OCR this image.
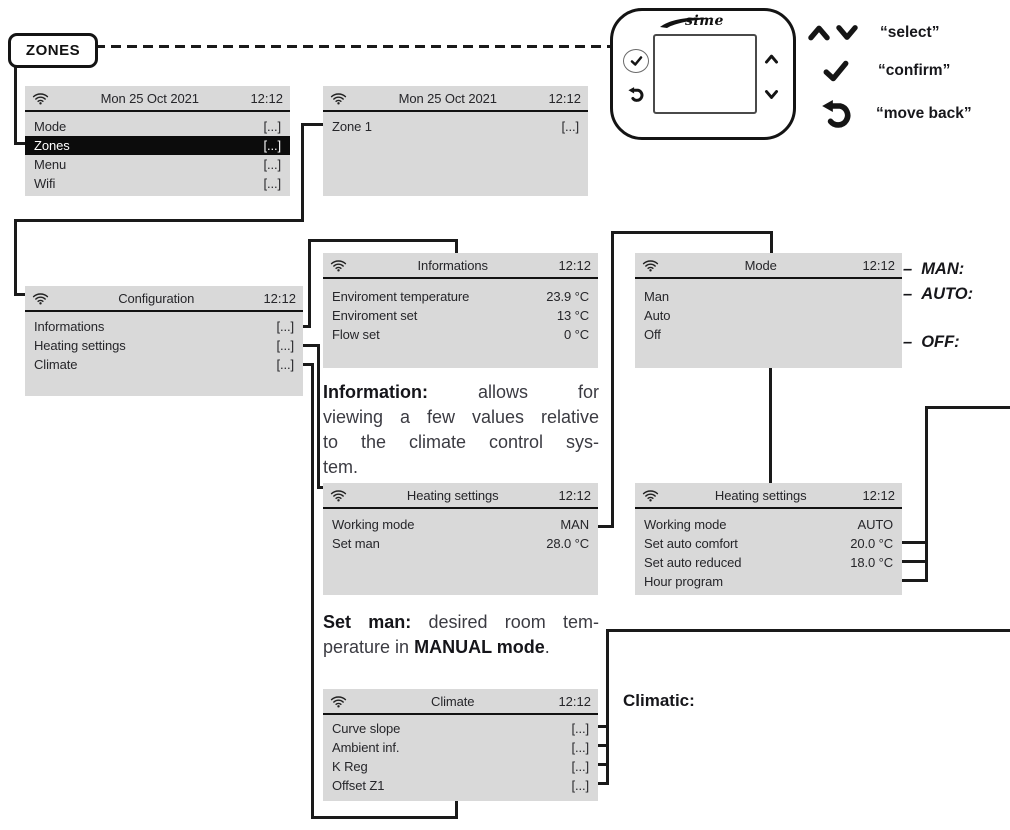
ZONES
sime
“select”
“confirm”
“move back”
Mon 25 Oct 2021	12:12
Mode	[...]
Zones	[...]
Menu	[...]
Wifi	[...]
Mon 25 Oct 2021	12:12
Zone 1	[...]
Configuration	12:12
Informations	[...]
Heating settings	[...]
Climate	[...]
Informations	12:12
Enviroment temperature	23.9 °C
Enviroment set	13 °C
Flow set	0 °C
Mode	12:12
Man
Auto
Off
Heating settings	12:12
Working mode	MAN
Set man	28.0 °C
Heating settings	12:12
Working mode	AUTO
Set auto comfort	20.0 °C
Set auto reduced	18.0 °C
Hour program
Climate	12:12
Curve slope	[...]
Ambient inf.	[...]
K Reg	[...]
Offset Z1	[...]
Information:	allows for
viewing a few values relative
to the climate control sys-
tem.
Set man: desired room tem-
perature in MANUAL mode.
– MAN:
– AUTO:
– OFF:
Climatic:
